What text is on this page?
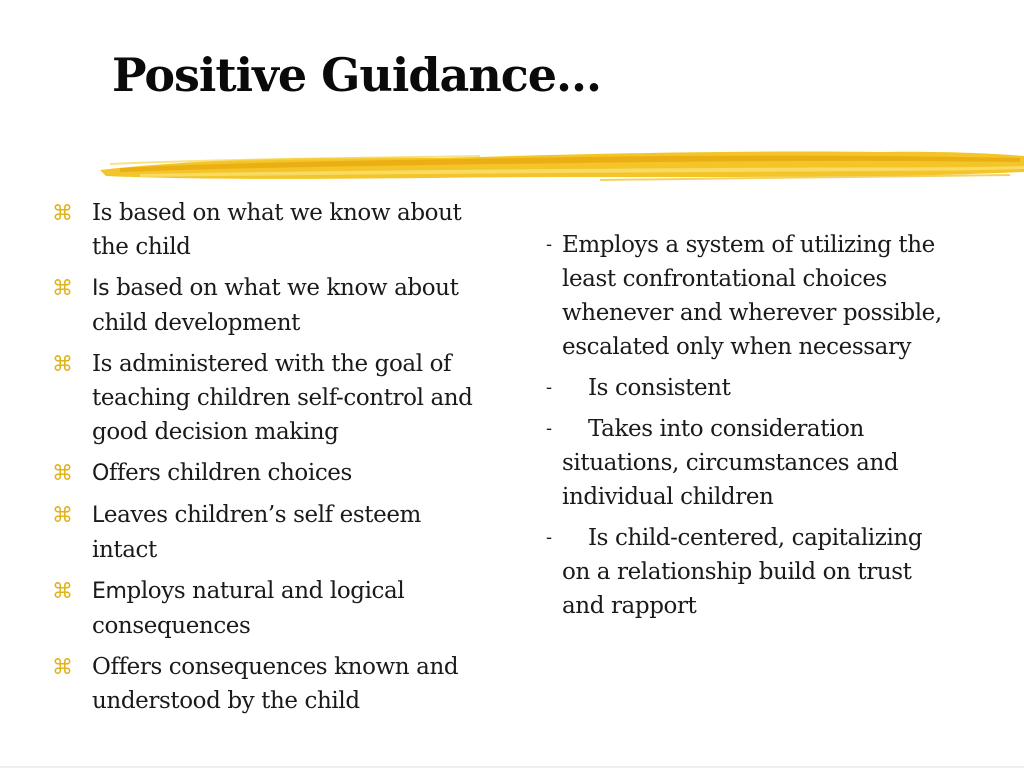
Positive Guidance…
⌘ Is based on what we know about the child
⌘ Is based on what we know about child development
⌘ Is administered with the goal of teaching children self-control and good decision making
⌘ Offers children choices
⌘ Leaves children’s self esteem intact
⌘ Employs natural and logical consequences
⌘ Offers consequences known and understood by the child
- Employs a system of utilizing the least confrontational choices whenever and wherever possible, escalated only when necessary
- Is consistent
- Takes into consideration situations, circumstances and individual children
- Is child-centered, capitalizing on a relationship build on trust and rapport
